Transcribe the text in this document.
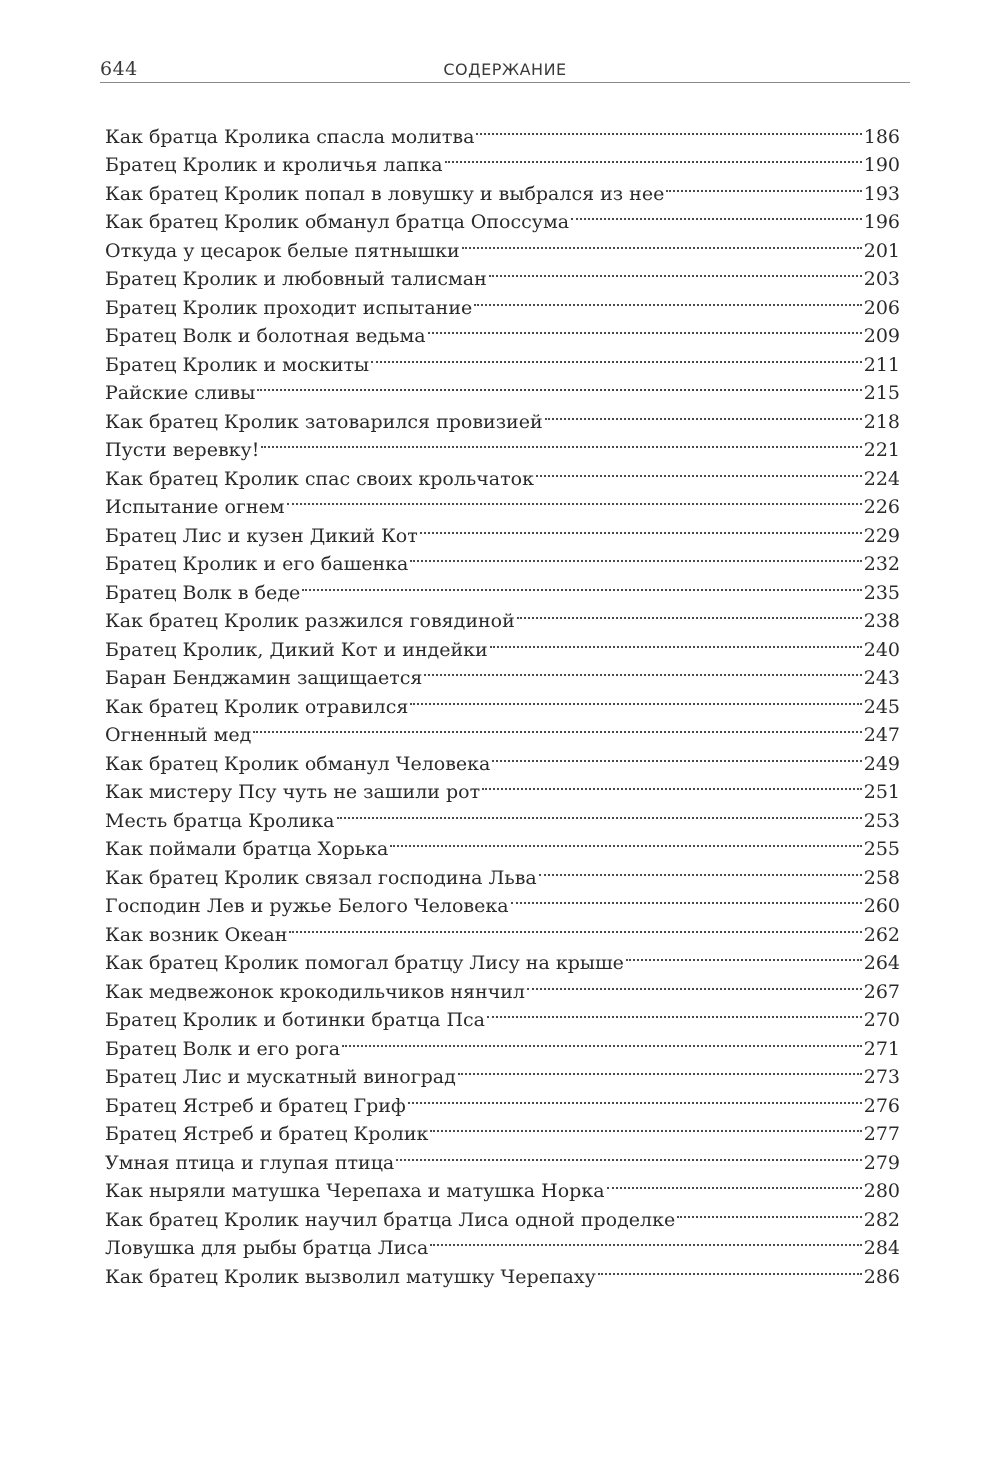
644	СОДЕРЖАНИЕ
Как братца Кролика спасла молитва	186
Братец Кролик и кроличья лапка	190
Как братец Кролик попал в ловушку и выбрался из нее	193
Как братец Кролик обманул братца Опоссума	196
Откуда у цесарок белые пятнышки	201
Братец Кролик и любовный талисман	203
Братец Кролик проходит испытание	206
Братец Волк и болотная ведьма	209
Братец Кролик и москиты	211
Райские сливы	215
Как братец Кролик затоварился провизией	218
Пусти веревку!	221
Как братец Кролик спас своих крольчаток	224
Испытание огнем	226
Братец Лис и кузен Дикий Кот	229
Братец Кролик и его башенка	232
Братец Волк в беде	235
Как братец Кролик разжился говядиной	238
Братец Кролик, Дикий Кот и индейки	240
Баран Бенджамин защищается	243
Как братец Кролик отравился	245
Огненный мед	247
Как братец Кролик обманул Человека	249
Как мистеру Псу чуть не зашили рот	251
Месть братца Кролика	253
Как поймали братца Хорька	255
Как братец Кролик связал господина Льва	258
Господин Лев и ружье Белого Человека	260
Как возник Океан	262
Как братец Кролик помогал братцу Лису на крыше	264
Как медвежонок крокодильчиков нянчил	267
Братец Кролик и ботинки братца Пса	270
Братец Волк и его рога	271
Братец Лис и мускатный виноград	273
Братец Ястреб и братец Гриф	276
Братец Ястреб и братец Кролик	277
Умная птица и глупая птица	279
Как ныряли матушка Черепаха и матушка Норка	280
Как братец Кролик научил братца Лиса одной проделке	282
Ловушка для рыбы братца Лиса	284
Как братец Кролик вызволил матушку Черепаху	286
